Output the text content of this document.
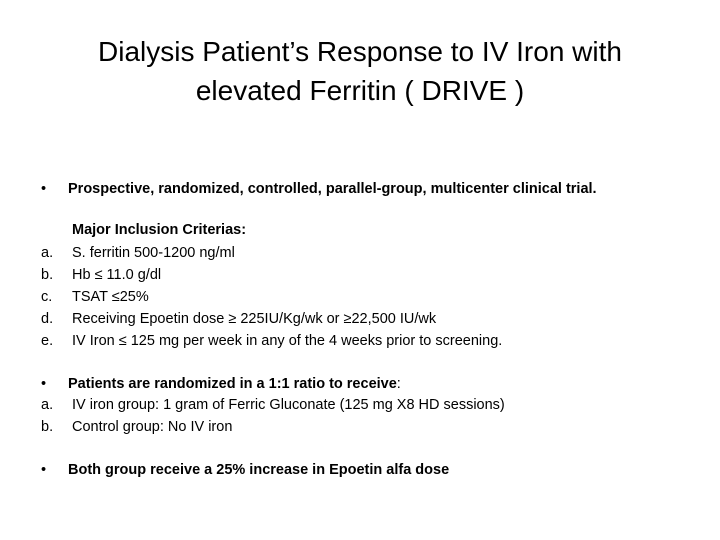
Dialysis Patient’s Response to IV Iron with
elevated Ferritin ( DRIVE )
• Prospective, randomized, controlled, parallel-group, multicenter clinical trial.
Major Inclusion Criterias:
a. S. ferritin 500-1200 ng/ml
b. Hb ≤ 11.0 g/dl
c. TSAT ≤25%
d. Receiving Epoetin dose ≥ 225IU/Kg/wk or ≥22,500 IU/wk
e. IV Iron ≤ 125 mg per week in any of the 4 weeks prior to screening.
• Patients are randomized in a 1:1 ratio to receive:
a. IV iron group: 1 gram of Ferric Gluconate (125 mg X8 HD sessions)
b. Control group: No IV iron
• Both group receive a 25% increase in Epoetin alfa dose
